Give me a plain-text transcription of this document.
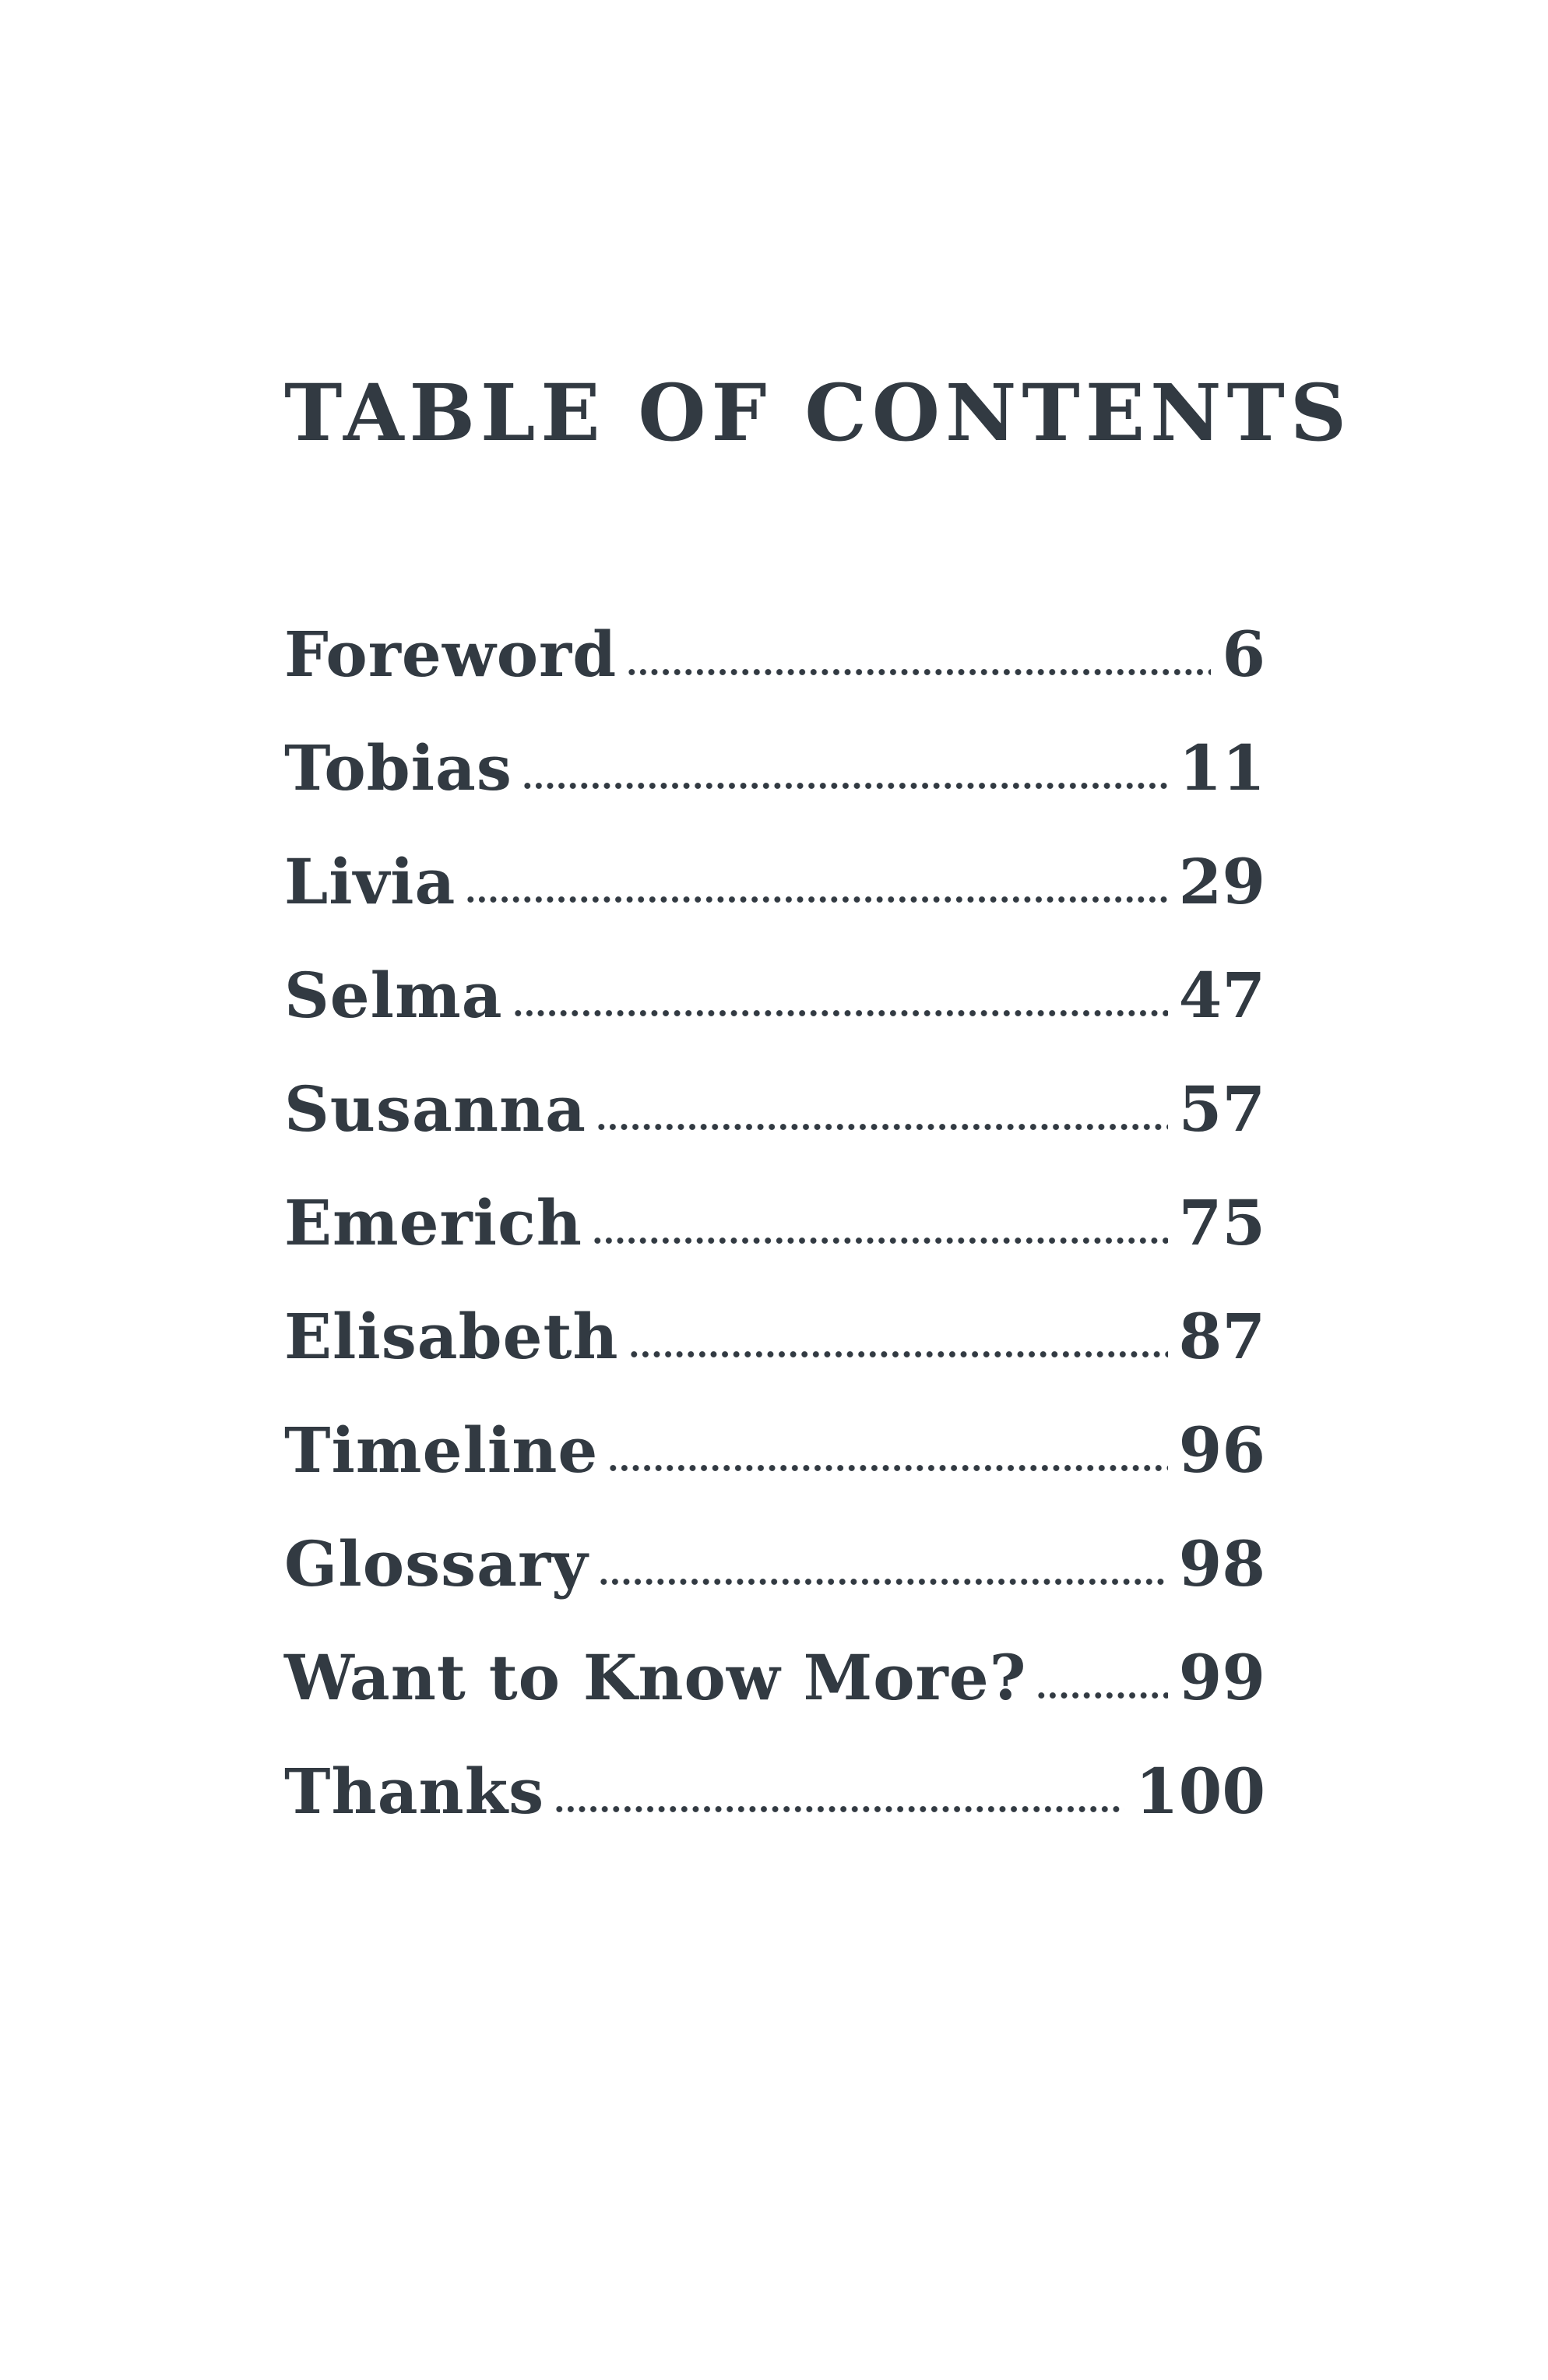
TABLE OF CONTENTS
Foreword	6
Tobias	11
Livia	29
Selma	47
Susanna	57
Emerich	75
Elisabeth	87
Timeline	96
Glossary	98
Want to Know More? 99
Thanks	100
